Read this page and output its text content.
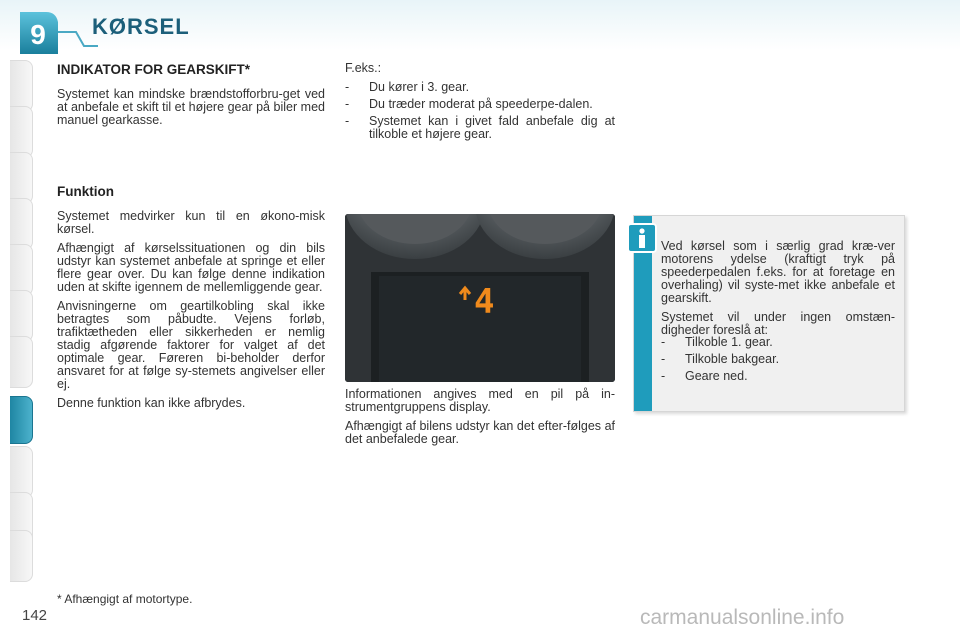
9 KØRSEL
INDIKATOR FOR GEARSKIFT*

Systemet kan mindske brændstofforbru-get ved at anbefale et skift til et højere gear på biler med manuel gearkasse.

Funktion

Systemet medvirker kun til en økono-misk kørsel.

Afhængigt af kørselssituationen og din bils udstyr kan systemet anbefale at springe et eller flere gear over. Du kan følge denne indikation uden at skifte igennem de mellemliggende gear.

Anvisningerne om geartilkobling skal ikke betragtes som påbudte. Vejens forløb, trafiktætheden eller sikkerheden er nemlig stadig afgørende faktorer for valget af det optimale gear. Føreren bi-beholder derfor ansvaret for at følge sy-stemets angivelser eller ej.

Denne funktion kan ikke afbrydes.

F.eks.:
- Du kører i 3. gear.
- Du træder moderat på speederpe-dalen.
- Systemet kan i givet fald anbefale dig at tilkoble et højere gear.
4

Informationen angives med en pil på in-strumentgruppens display.

Afhængigt af bilens udstyr kan det efter-følges af det anbefalede gear.

Ved kørsel som i særlig grad kræ-ver motorens ydelse (kraftigt tryk på speederpedalen f.eks. for at foretage en overhaling) vil syste-met ikke anbefale et gearskift.

Systemet vil under ingen omstæn-digheder foreslå at:

- Tilkoble 1. gear.
- Tilkoble bakgear.
- Geare ned.
* Afhængigt af motortype.
142	carmanualsonline.info
